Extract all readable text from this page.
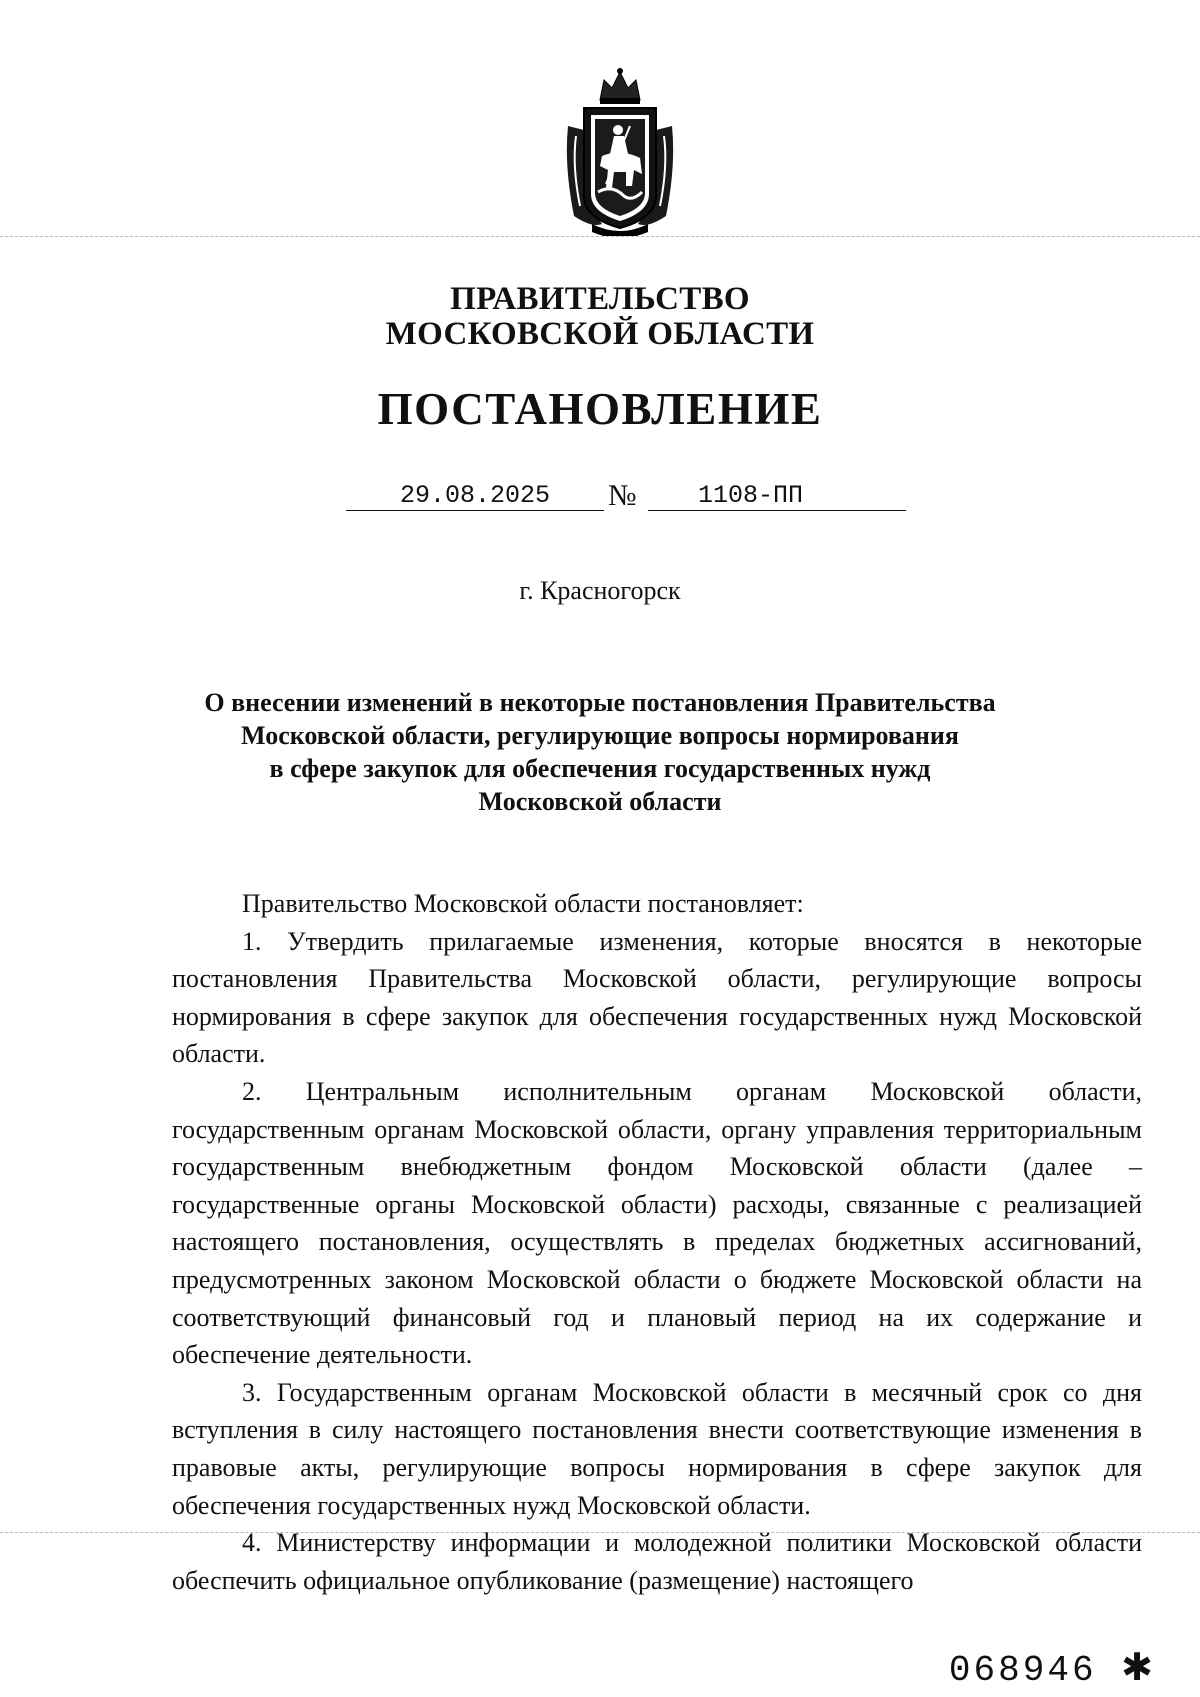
ПРАВИТЕЛЬСТВО
МОСКОВСКОЙ ОБЛАСТИ
ПОСТАНОВЛЕНИЕ
29.08.2025	№	1108-ПП
г. Красногорск
О внесении изменений в некоторые постановления Правительства
Московской области, регулирующие вопросы нормирования
в сфере закупок для обеспечения государственных нужд
Московской области

Правительство Московской области постановляет:

1. Утвердить прилагаемые изменения, которые вносятся в некоторые постановления Правительства Московской области, регулирующие вопросы нормирования в сфере закупок для обеспечения государственных нужд Московской области.

2. Центральным исполнительным органам Московской области, государственным органам Московской области, органу управления территориальным государственным внебюджетным фондом Московской области (далее – государственные органы Московской области) расходы, связанные с реализацией настоящего постановления, осуществлять в пределах бюджетных ассигнований, предусмотренных законом Московской области о бюджете Московской области на соответствующий финансовый год и плановый период на их содержание и обеспечение деятельности.

3. Государственным органам Московской области в месячный срок со дня вступления в силу настоящего постановления внести соответствующие изменения в правовые акты, регулирующие вопросы нормирования в сфере закупок для обеспечения государственных нужд Московской области.

4. Министерству информации и молодежной политики Московской области обеспечить официальное опубликование (размещение) настоящего

068946 ✱
